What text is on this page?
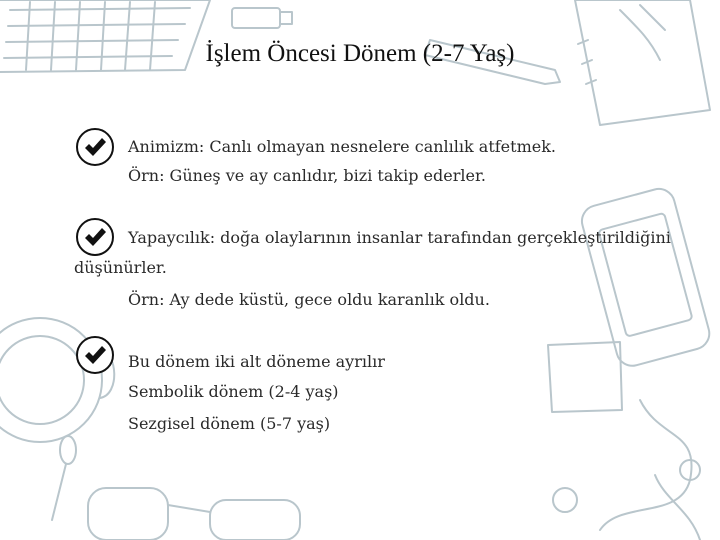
İşlem Öncesi Dönem (2-7 Yaş)
Animizm: Canlı olmayan nesnelere canlılık atfetmek.
Örn: Güneş ve ay canlıdır, bizi takip ederler.
Yapaycılık: doğa olaylarının insanlar tarafından gerçekleştirildiğini
düşünürler.
Örn: Ay dede küstü, gece oldu karanlık oldu.
Bu dönem iki alt döneme ayrılır
Sembolik dönem (2-4 yaş)
Sezgisel dönem (5-7 yaş)
